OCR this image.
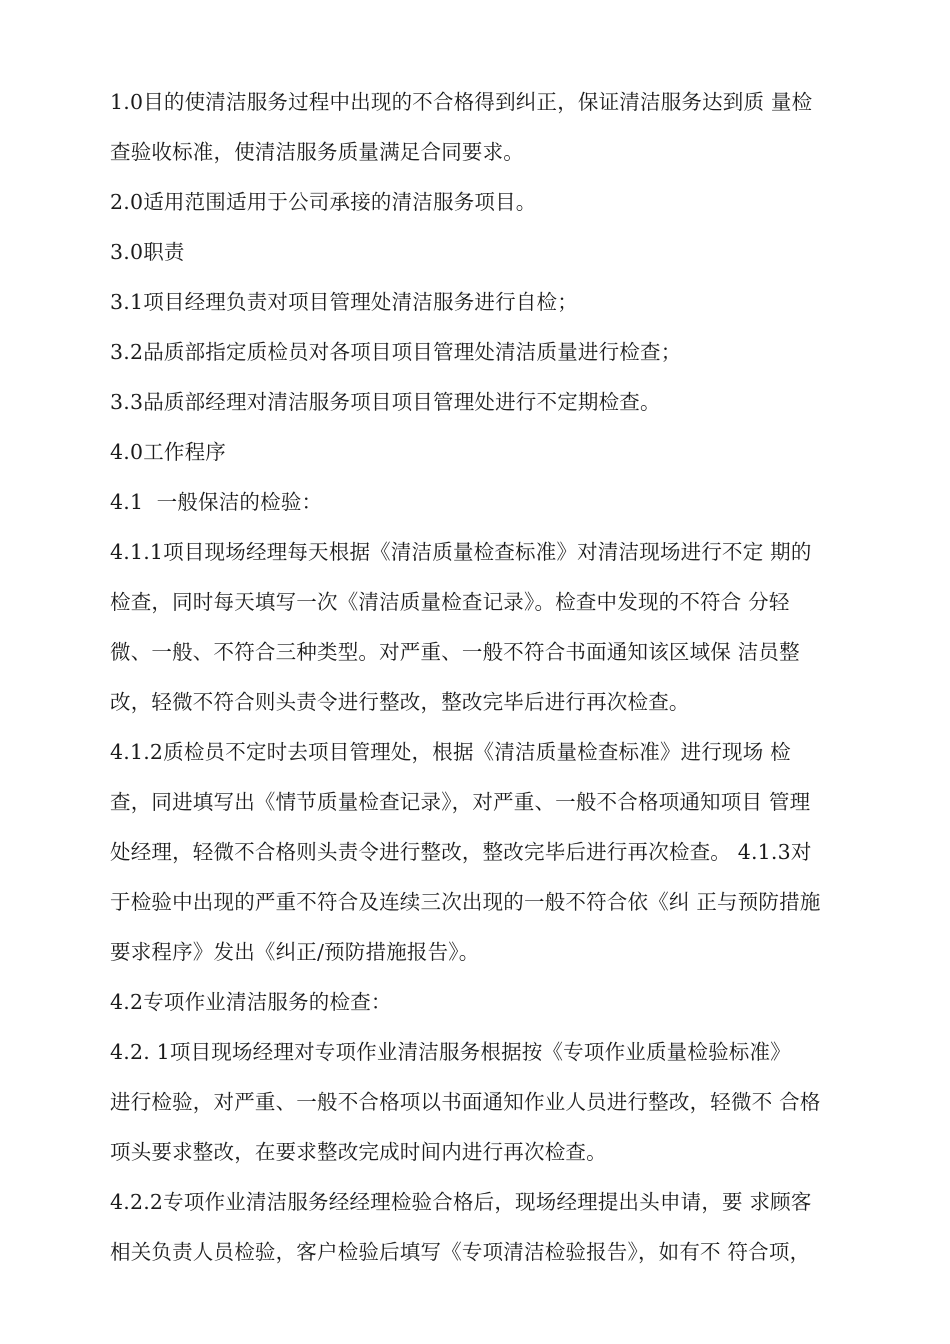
1.0目的使清洁服务过程中出现的不合格得到纠正，保证清洁服务达到质 量检
查验收标准，使清洁服务质量满足合同要求。
2.0适用范围适用于公司承接的清洁服务项目。
3.0职责
3.1项目经理负责对项目管理处清洁服务进行自检；
3.2品质部指定质检员对各项目项目管理处清洁质量进行检查；
3.3品质部经理对清洁服务项目项目管理处进行不定期检查。
4.0工作程序
4.1  一般保洁的检验：
4.1.1项目现场经理每天根据《清洁质量检查标准》对清洁现场进行不定 期的
检查，同时每天填写一次《清洁质量检查记录》。检查中发现的不符合 分轻
微、一般、不符合三种类型。对严重、一般不符合书面通知该区域保 洁员整
改，轻微不符合则头责令进行整改，整改完毕后进行再次检查。
4.1.2质检员不定时去项目管理处，根据《清洁质量检查标准》进行现场 检
查，同进填写出《情节质量检查记录》，对严重、一般不合格项通知项目 管理
处经理，轻微不合格则头责令进行整改，整改完毕后进行再次检查。 4.1.3对
于检验中出现的严重不符合及连续三次出现的一般不符合依《纠 正与预防措施
要求程序》发出《纠正/预防措施报告》。
4.2专项作业清洁服务的检查：
4.2. 1项目现场经理对专项作业清洁服务根据按《专项作业质量检验标准》
进行检验，对严重、一般不合格项以书面通知作业人员进行整改，轻微不 合格
项头要求整改，在要求整改完成时间内进行再次检查。
4.2.2专项作业清洁服务经经理检验合格后，现场经理提出头申请，要 求顾客
相关负责人员检验，客户检验后填写《专项清洁检验报告》，如有不 符合项，
